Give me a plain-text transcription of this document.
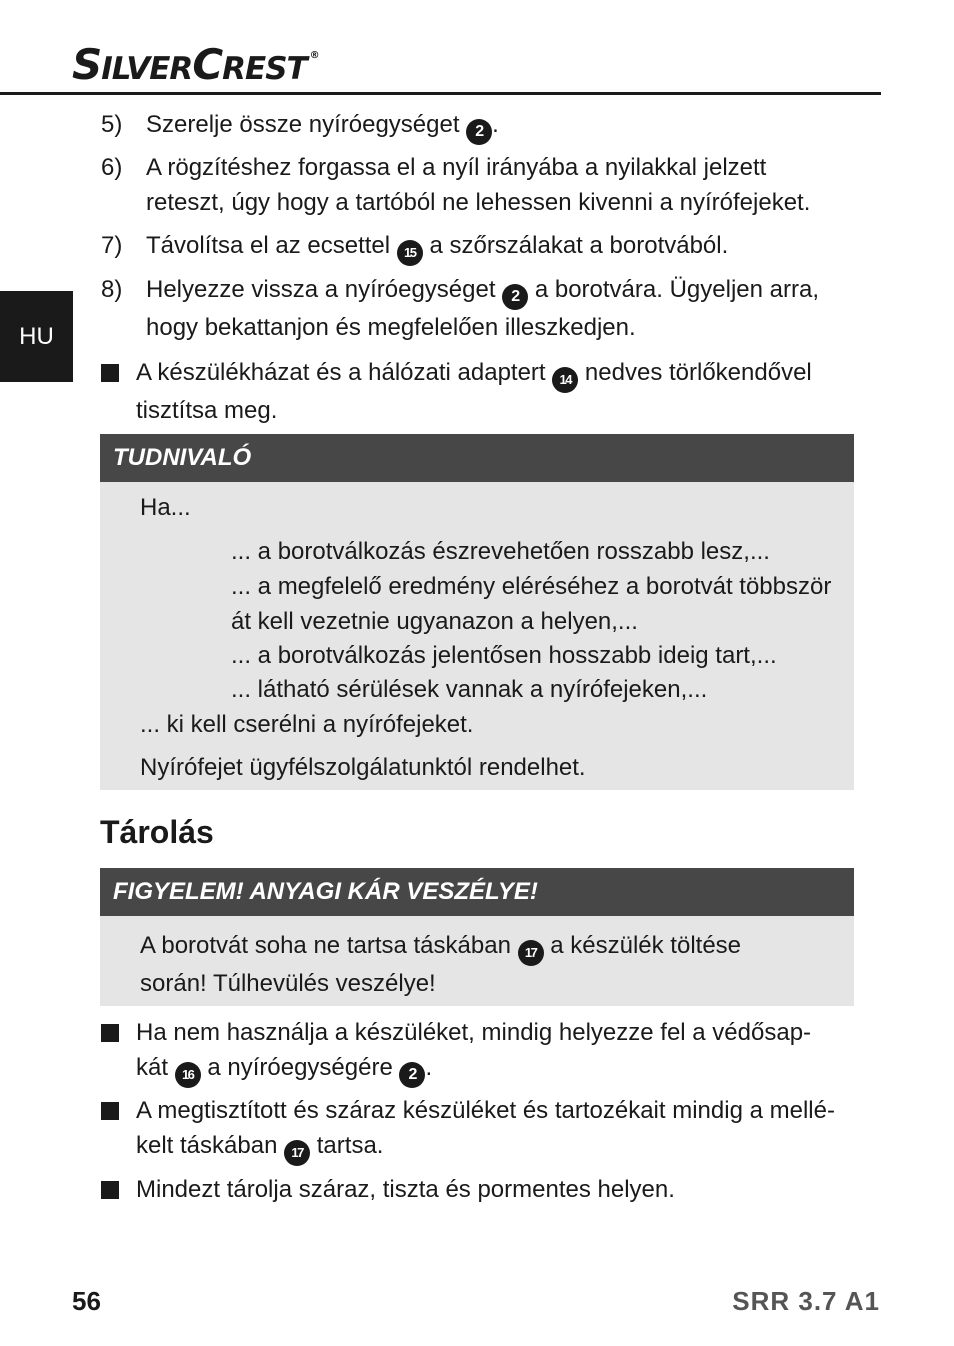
S ILVER C REST ®
HU
5) Szerelje össze nyíróegységet 2 .
6) A rögzítéshez forgassa el a nyíl irányába a nyilakkal jelzett
reteszt, úgy hogy a tartóból ne lehessen kivenni a nyírófejeket.
7) Távolítsa el az ecsettel 15 a szőrszálakat a borotvából.
8) Helyezze vissza a nyíróegységet 2 a borotvára. Ügyeljen arra,
hogy bekattanjon és megfelelően illeszkedjen.
A készülékházat és a hálózati adaptert 14 nedves törlőkendővel
tisztítsa meg.
TUDNIVALÓ
Ha...
... a borotválkozás észrevehetően rosszabb lesz,...
... a megfelelő eredmény eléréséhez a borotvát többször
át kell vezetnie ugyanazon a helyen,...
... a borotválkozás jelentősen hosszabb ideig tart,...
... látható sérülések vannak a nyírófejeken,...
... ki kell cserélni a nyírófejeket.
Nyírófejet ügyfélszolgálatunktól rendelhet.
Tárolás
FIGYELEM! ANYAGI KÁR VESZÉLYE!
A borotvát soha ne tartsa táskában 17 a készülék töltése
során! Túlhevülés veszélye!
Ha nem használja a készüléket, mindig helyezze fel a védősap-
kát 16 a nyíróegységére 2 .
A megtisztított és száraz készüléket és tartozékait mindig a mellé-
kelt táskában 17 tartsa.
Mindezt tárolja száraz, tiszta és pormentes helyen.
56	SRR 3.7 A1
